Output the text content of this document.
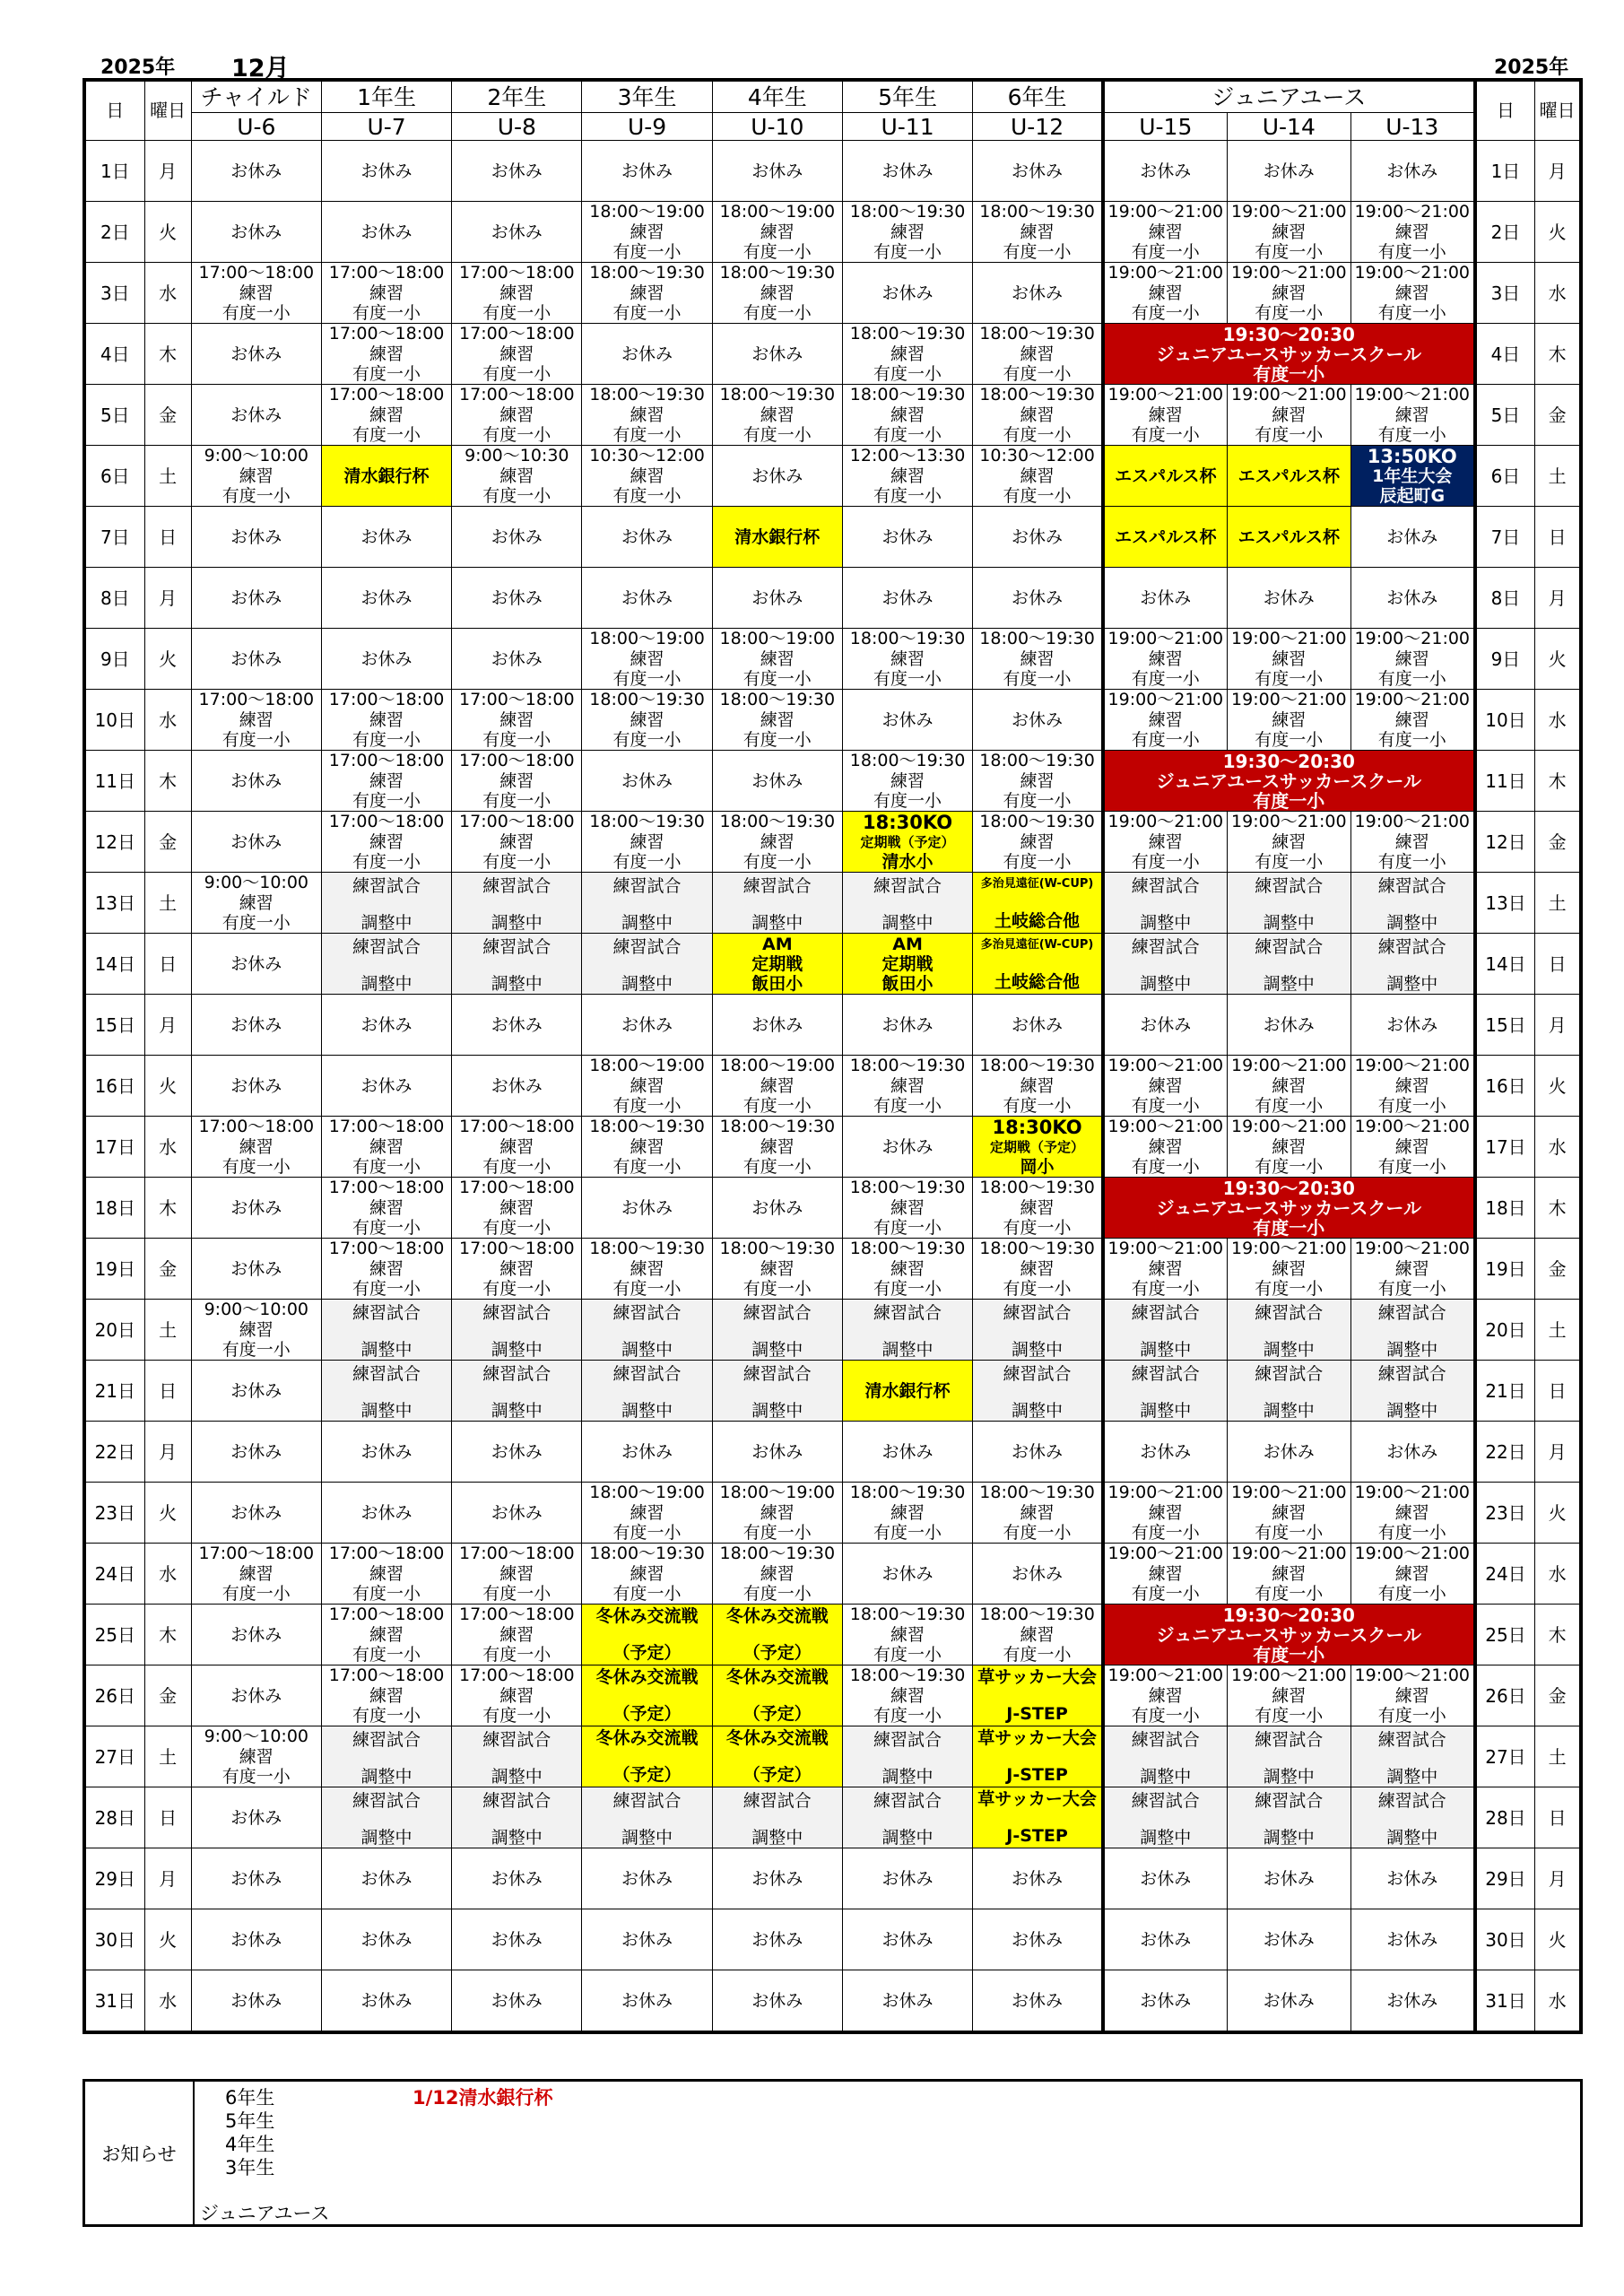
2025年 12月	2025年
日	曜日	チャイルド	1年生	2年生	3年生	4年生	5年生	6年生	ジュニアユース			日	曜日
		U-6	U-7	U-8	U-9	U-10	U-11	U-12	U-15	U-14	U-13		
1日	月	お休み	お休み	お休み	お休み	お休み	お休み	お休み	お休み	お休み	お休み	1日	月
2日	火	お休み	お休み	お休み	18:00～19:00
練習
有度一小	18:00～19:00
練習
有度一小	18:00～19:30
練習
有度一小	18:00～19:30
練習
有度一小	19:00～21:00
練習
有度一小	19:00～21:00
練習
有度一小	19:00～21:00
練習
有度一小	2日	火
3日	水	17:00～18:00
練習
有度一小	17:00～18:00
練習
有度一小	17:00～18:00
練習
有度一小	18:00～19:30
練習
有度一小	18:00～19:30
練習
有度一小	お休み	お休み	19:00～21:00
練習
有度一小	19:00～21:00
練習
有度一小	19:00～21:00
練習
有度一小	3日	水
4日	木	お休み	17:00～18:00
練習
有度一小	17:00～18:00
練習
有度一小	お休み	お休み	18:00～19:30
練習
有度一小	18:00～19:30
練習
有度一小	19:30～20:30
ジュニアユースサッカースクール
有度一小			4日	木
5日	金	お休み	17:00～18:00
練習
有度一小	17:00～18:00
練習
有度一小	18:00～19:30
練習
有度一小	18:00～19:30
練習
有度一小	18:00～19:30
練習
有度一小	18:00～19:30
練習
有度一小	19:00～21:00
練習
有度一小	19:00～21:00
練習
有度一小	19:00～21:00
練習
有度一小	5日	金
6日	土	9:00～10:00
練習
有度一小	清水銀行杯	9:00～10:30
練習
有度一小	10:30～12:00
練習
有度一小	お休み	12:00～13:30
練習
有度一小	10:30～12:00
練習
有度一小	エスパルス杯	エスパルス杯	13:50KO
1年生大会
辰起町G	6日	土
7日	日	お休み	お休み	お休み	お休み	清水銀行杯	お休み	お休み	エスパルス杯	エスパルス杯	お休み	7日	日
8日	月	お休み	お休み	お休み	お休み	お休み	お休み	お休み	お休み	お休み	お休み	8日	月
9日	火	お休み	お休み	お休み	18:00～19:00
練習
有度一小	18:00～19:00
練習
有度一小	18:00～19:30
練習
有度一小	18:00～19:30
練習
有度一小	19:00～21:00
練習
有度一小	19:00～21:00
練習
有度一小	19:00～21:00
練習
有度一小	9日	火
10日	水	17:00～18:00
練習
有度一小	17:00～18:00
練習
有度一小	17:00～18:00
練習
有度一小	18:00～19:30
練習
有度一小	18:00～19:30
練習
有度一小	お休み	お休み	19:00～21:00
練習
有度一小	19:00～21:00
練習
有度一小	19:00～21:00
練習
有度一小	10日	水
11日	木	お休み	17:00～18:00
練習
有度一小	17:00～18:00
練習
有度一小	お休み	お休み	18:00～19:30
練習
有度一小	18:00～19:30
練習
有度一小	19:30～20:30
ジュニアユースサッカースクール
有度一小			11日	木
12日	金	お休み	17:00～18:00
練習
有度一小	17:00～18:00
練習
有度一小	18:00～19:30
練習
有度一小	18:00～19:30
練習
有度一小	18:30KO
定期戦（予定）
清水小	18:00～19:30
練習
有度一小	19:00～21:00
練習
有度一小	19:00～21:00
練習
有度一小	19:00～21:00
練習
有度一小	12日	金
13日	土	9:00～10:00
練習
有度一小	練習試合
調整中	練習試合
調整中	練習試合
調整中	練習試合
調整中	練習試合
調整中	多治見遠征(W-CUP)
土岐総合他	練習試合
調整中	練習試合
調整中	練習試合
調整中	13日	土
14日	日	お休み	練習試合
調整中	練習試合
調整中	練習試合
調整中	AM
定期戦
飯田小	AM
定期戦
飯田小	多治見遠征(W-CUP)
土岐総合他	練習試合
調整中	練習試合
調整中	練習試合
調整中	14日	日
15日	月	お休み	お休み	お休み	お休み	お休み	お休み	お休み	お休み	お休み	お休み	15日	月
16日	火	お休み	お休み	お休み	18:00～19:00
練習
有度一小	18:00～19:00
練習
有度一小	18:00～19:30
練習
有度一小	18:00～19:30
練習
有度一小	19:00～21:00
練習
有度一小	19:00～21:00
練習
有度一小	19:00～21:00
練習
有度一小	16日	火
17日	水	17:00～18:00
練習
有度一小	17:00～18:00
練習
有度一小	17:00～18:00
練習
有度一小	18:00～19:30
練習
有度一小	18:00～19:30
練習
有度一小	お休み	18:30KO
定期戦（予定）
岡小	19:00～21:00
練習
有度一小	19:00～21:00
練習
有度一小	19:00～21:00
練習
有度一小	17日	水
18日	木	お休み	17:00～18:00
練習
有度一小	17:00～18:00
練習
有度一小	お休み	お休み	18:00～19:30
練習
有度一小	18:00～19:30
練習
有度一小	19:30～20:30
ジュニアユースサッカースクール
有度一小			18日	木
19日	金	お休み	17:00～18:00
練習
有度一小	17:00～18:00
練習
有度一小	18:00～19:30
練習
有度一小	18:00～19:30
練習
有度一小	18:00～19:30
練習
有度一小	18:00～19:30
練習
有度一小	19:00～21:00
練習
有度一小	19:00～21:00
練習
有度一小	19:00～21:00
練習
有度一小	19日	金
20日	土	9:00～10:00
練習
有度一小	練習試合
調整中	練習試合
調整中	練習試合
調整中	練習試合
調整中	練習試合
調整中	練習試合
調整中	練習試合
調整中	練習試合
調整中	練習試合
調整中	20日	土
21日	日	お休み	練習試合
調整中	練習試合
調整中	練習試合
調整中	練習試合
調整中	清水銀行杯	練習試合
調整中	練習試合
調整中	練習試合
調整中	練習試合
調整中	21日	日
22日	月	お休み	お休み	お休み	お休み	お休み	お休み	お休み	お休み	お休み	お休み	22日	月
23日	火	お休み	お休み	お休み	18:00～19:00
練習
有度一小	18:00～19:00
練習
有度一小	18:00～19:30
練習
有度一小	18:00～19:30
練習
有度一小	19:00～21:00
練習
有度一小	19:00～21:00
練習
有度一小	19:00～21:00
練習
有度一小	23日	火
24日	水	17:00～18:00
練習
有度一小	17:00～18:00
練習
有度一小	17:00～18:00
練習
有度一小	18:00～19:30
練習
有度一小	18:00～19:30
練習
有度一小	お休み	お休み	19:00～21:00
練習
有度一小	19:00～21:00
練習
有度一小	19:00～21:00
練習
有度一小	24日	水
25日	木	お休み	17:00～18:00
練習
有度一小	17:00～18:00
練習
有度一小	冬休み交流戦
（予定）	冬休み交流戦
（予定）	18:00～19:30
練習
有度一小	18:00～19:30
練習
有度一小	19:30～20:30
ジュニアユースサッカースクール
有度一小			25日	木
26日	金	お休み	17:00～18:00
練習
有度一小	17:00～18:00
練習
有度一小	冬休み交流戦
（予定）	冬休み交流戦
（予定）	18:00～19:30
練習
有度一小	草サッカー大会
J-STEP	19:00～21:00
練習
有度一小	19:00～21:00
練習
有度一小	19:00～21:00
練習
有度一小	26日	金
27日	土	9:00～10:00
練習
有度一小	練習試合
調整中	練習試合
調整中	冬休み交流戦
（予定）	冬休み交流戦
（予定）	練習試合
調整中	草サッカー大会
J-STEP	練習試合
調整中	練習試合
調整中	練習試合
調整中	27日	土
28日	日	お休み	練習試合
調整中	練習試合
調整中	練習試合
調整中	練習試合
調整中	練習試合
調整中	草サッカー大会
J-STEP	練習試合
調整中	練習試合
調整中	練習試合
調整中	28日	日
29日	月	お休み	お休み	お休み	お休み	お休み	お休み	お休み	お休み	お休み	お休み	29日	月
30日	火	お休み	お休み	お休み	お休み	お休み	お休み	お休み	お休み	お休み	お休み	30日	火
31日	水	お休み	お休み	お休み	お休み	お休み	お休み	お休み	お休み	お休み	お休み	31日	水
お知らせ
6年生	1/12清水銀行杯
5年生
4年生
3年生
ジュニアユース
